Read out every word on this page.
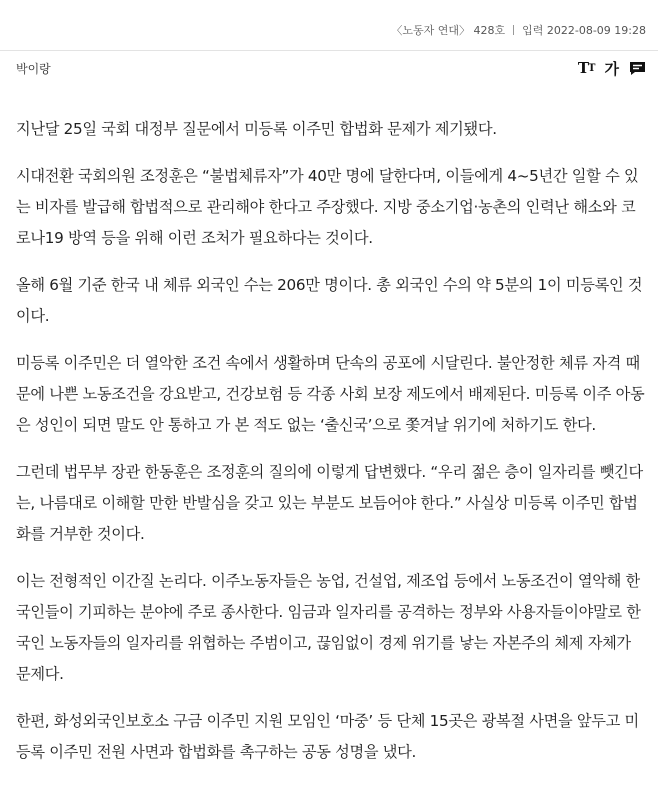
〈노동자 연대〉 428호 입력 2022-08-09 19:28
박이랑	T T 가

지난달 25일 국회 대정부 질문에서 미등록 이주민 합법화 문제가 제기됐다.

시대전환 국회의원 조정훈은 “불법체류자”가 40만 명에 달한다며, 이들에게 4~5년간 일할 수 있는 비자를 발급해 합법적으로 관리해야 한다고 주장했다. 지방 중소기업·농촌의 인력난 해소와 코로나19 방역 등을 위해 이런 조처가 필요하다는 것이다.

올해 6월 기준 한국 내 체류 외국인 수는 206만 명이다. 총 외국인 수의 약 5분의 1이 미등록인 것이다.

미등록 이주민은 더 열악한 조건 속에서 생활하며 단속의 공포에 시달린다. 불안정한 체류 자격 때문에 나쁜 노동조건을 강요받고, 건강보험 등 각종 사회 보장 제도에서 배제된다. 미등록 이주 아동은 성인이 되면 말도 안 통하고 가 본 적도 없는 ‘출신국’으로 쫓겨날 위기에 처하기도 한다.

그런데 법무부 장관 한동훈은 조정훈의 질의에 이렇게 답변했다. “우리 젊은 층이 일자리를 뺏긴다는, 나름대로 이해할 만한 반발심을 갖고 있는 부분도 보듬어야 한다.” 사실상 미등록 이주민 합법화를 거부한 것이다.

이는 전형적인 이간질 논리다. 이주노동자들은 농업, 건설업, 제조업 등에서 노동조건이 열악해 한국인들이 기피하는 분야에 주로 종사한다. 임금과 일자리를 공격하는 정부와 사용자들이야말로 한국인 노동자들의 일자리를 위협하는 주범이고, 끊임없이 경제 위기를 낳는 자본주의 체제 자체가 문제다.

한편, 화성외국인보호소 구금 이주민 지원 모임인 ‘마중’ 등 단체 15곳은 광복절 사면을 앞두고 미등록 이주민 전원 사면과 합법화를 촉구하는 공동 성명을 냈다.
